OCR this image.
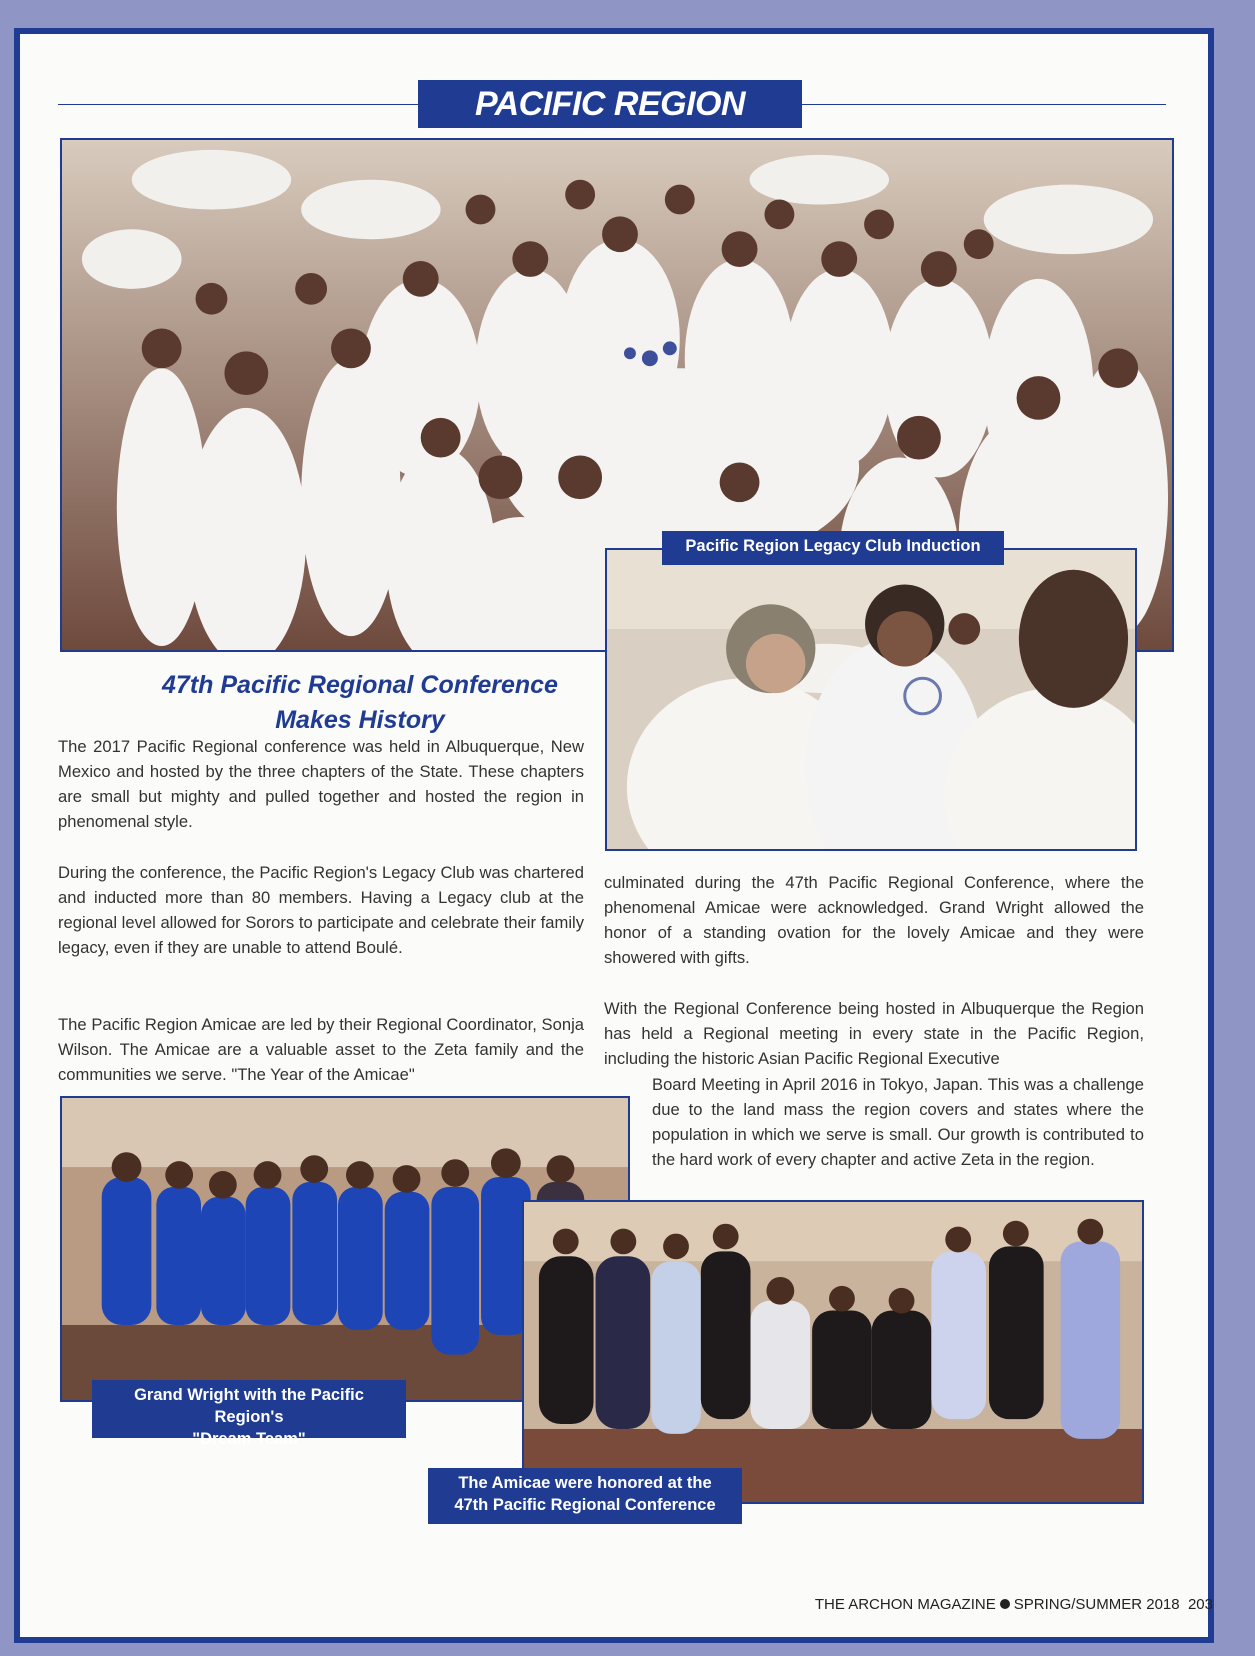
PACIFIC REGION
Pacific Region Legacy Club Induction
47th Pacific Regional Conference
Makes History

The 2017 Pacific Regional conference was held in Albuquerque, New Mexico and hosted by the three chapters of the State. These chapters are small but mighty and pulled together and hosted the region in phenomenal style.

During the conference, the Pacific Region's Legacy Club was chartered and inducted more than 80 members. Having a Legacy club at the regional level allowed for Sorors to participate and celebrate their family legacy, even if they are unable to attend Boulé.

The Pacific Region Amicae are led by their Regional Coordinator, Sonja Wilson. The Amicae are a valuable asset to the Zeta family and the communities we serve. "The Year of the Amicae"

culminated during the 47th Pacific Regional Conference, where the phenomenal Amicae were acknowledged. Grand Wright allowed the honor of a standing ovation for the lovely Amicae and they were showered with gifts.

With the Regional Conference being hosted in Albuquerque the Region has held a Regional meeting in every state in the Pacific Region, including the historic Asian Pacific Regional Executive

Board Meeting in April 2016 in Tokyo, Japan. This was a challenge due to the land mass the region covers and states where the population in which we serve is small. Our growth is contributed to the hard work of every chapter and active Zeta in the region.

Grand Wright with the Pacific Region's
"Dream Team"
The Amicae were honored at the
47th Pacific Regional Conference
THE ARCHON MAGAZINE SPRING/SUMMER 2018 203
